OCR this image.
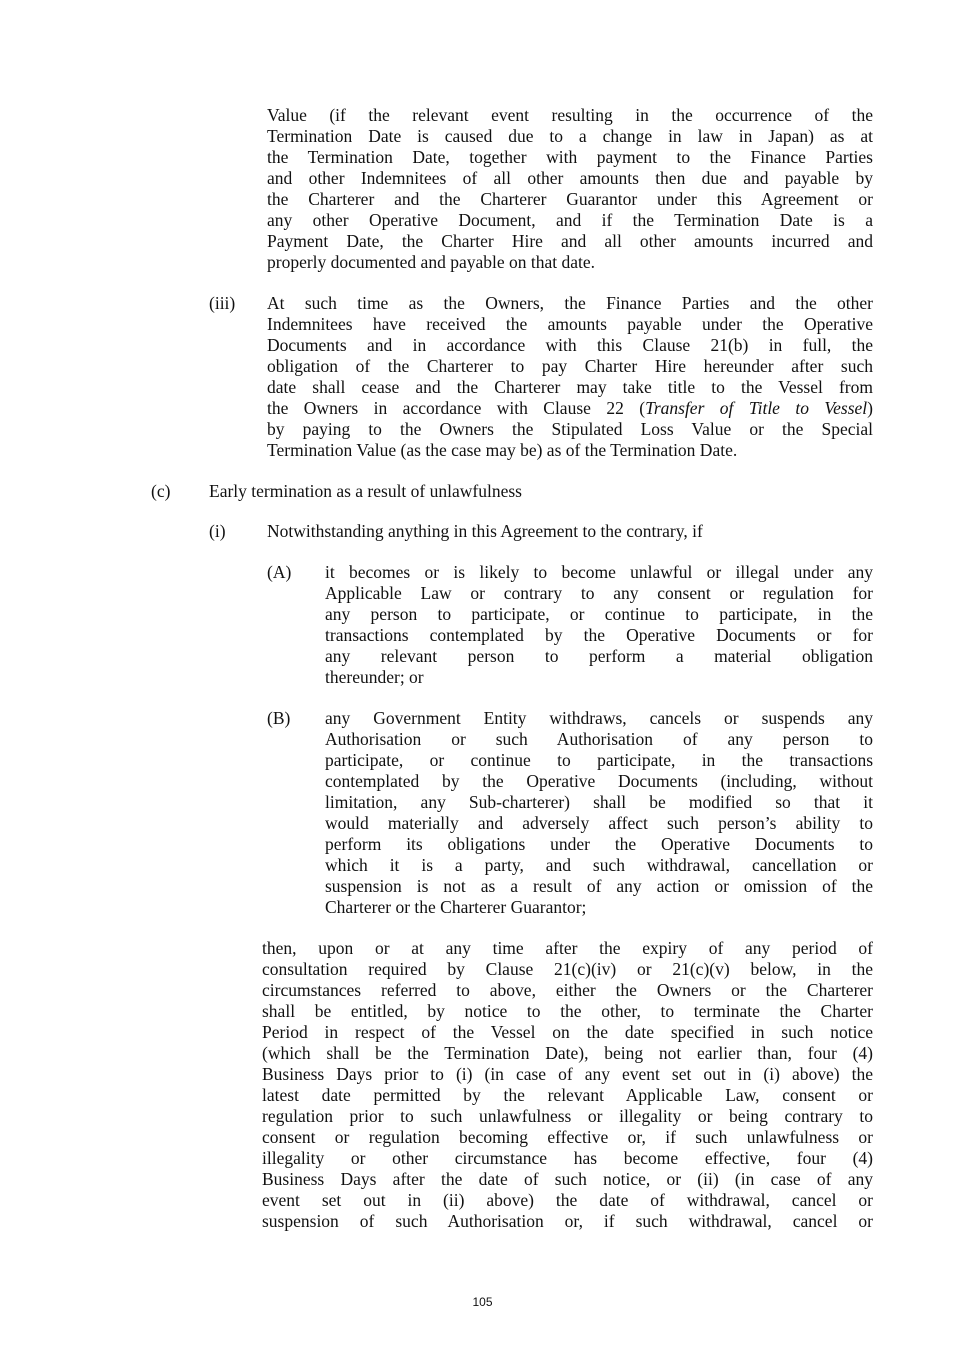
Value (if the relevant event resulting in the occurrence of the
Termination Date is caused due to a change in law in Japan) as at
the Termination Date, together with payment to the Finance Parties
and other Indemnitees of all other amounts then due and payable by
the Charterer and the Charterer Guarantor under this Agreement or
any other Operative Document, and if the Termination Date is a
Payment Date, the Charter Hire and all other amounts incurred and
properly documented and payable on that date.
(iii) At such time as the Owners, the Finance Parties and the other
Indemnitees have received the amounts payable under the Operative
Documents and in accordance with this Clause 21(b) in full, the
obligation of the Charterer to pay Charter Hire hereunder after such
date shall cease and the Charterer may take title to the Vessel from
the Owners in accordance with Clause 22 (Transfer of Title to Vessel)
by paying to the Owners the Stipulated Loss Value or the Special
Termination Value (as the case may be) as of the Termination Date.
(c) Early termination as a result of unlawfulness
(i) Notwithstanding anything in this Agreement to the contrary, if
(A) it becomes or is likely to become unlawful or illegal under any
Applicable Law or contrary to any consent or regulation for
any person to participate, or continue to participate, in the
transactions contemplated by the Operative Documents or for
any relevant person to perform a material obligation
thereunder; or
(B) any Government Entity withdraws, cancels or suspends any
Authorisation or such Authorisation of any person to
participate, or continue to participate, in the transactions
contemplated by the Operative Documents (including, without
limitation, any Sub-charterer) shall be modified so that it
would materially and adversely affect such person’s ability to
perform its obligations under the Operative Documents to
which it is a party, and such withdrawal, cancellation or
suspension is not as a result of any action or omission of the
Charterer or the Charterer Guarantor;
then, upon or at any time after the expiry of any period of
consultation required by Clause 21(c)(iv) or 21(c)(v) below, in the
circumstances referred to above, either the Owners or the Charterer
shall be entitled, by notice to the other, to terminate the Charter
Period in respect of the Vessel on the date specified in such notice
(which shall be the Termination Date), being not earlier than, four (4)
Business Days prior to (i) (in case of any event set out in (i) above) the
latest date permitted by the relevant Applicable Law, consent or
regulation prior to such unlawfulness or illegality or being contrary to
consent or regulation becoming effective or, if such unlawfulness or
illegality or other circumstance has become effective, four (4)
Business Days after the date of such notice, or (ii) (in case of any
event set out in (ii) above) the date of withdrawal, cancel or
suspension of such Authorisation or, if such withdrawal, cancel or
105
